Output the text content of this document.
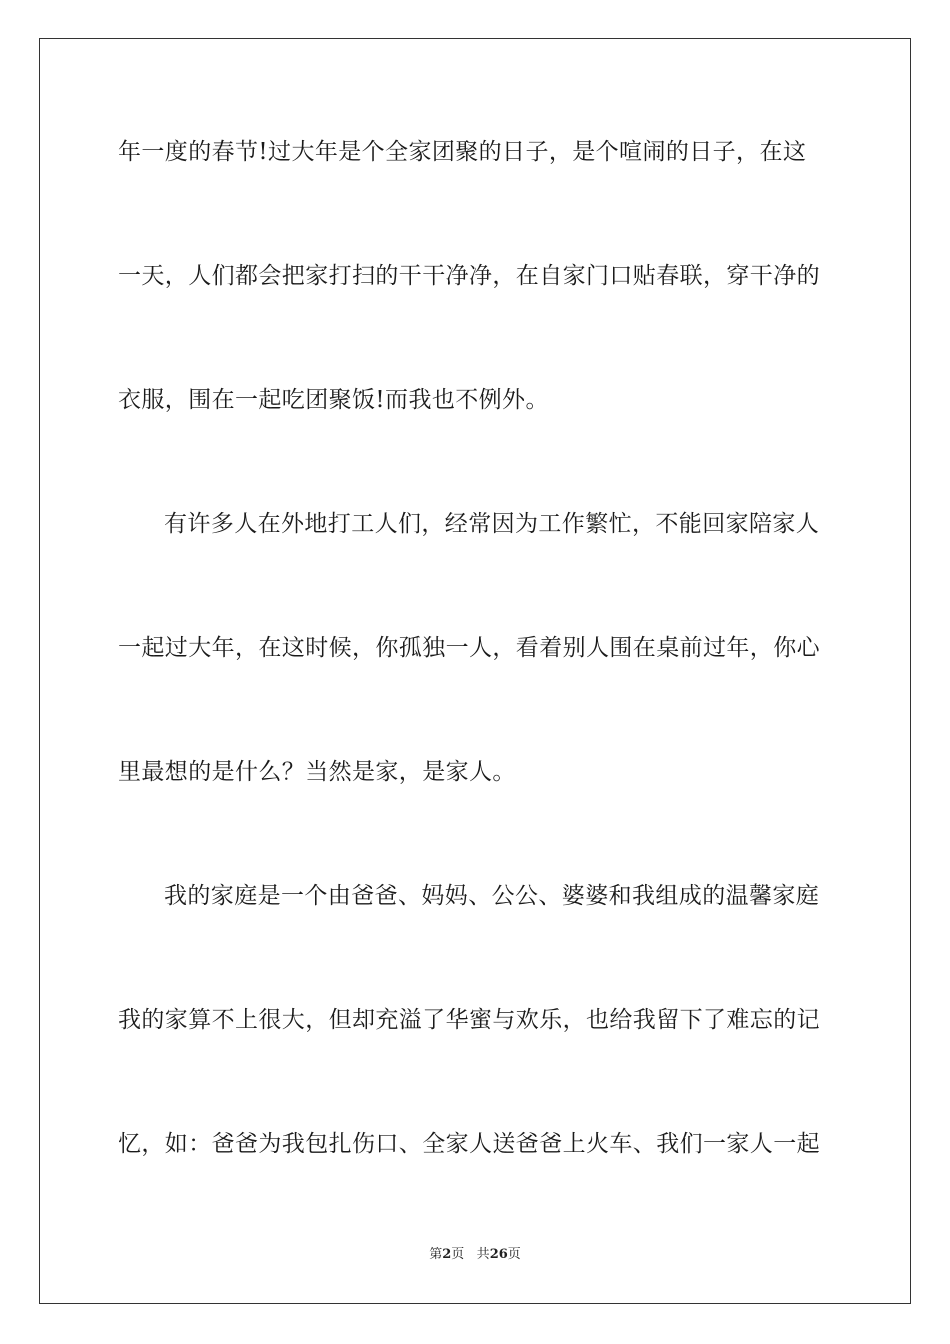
年一度的春节!过大年是个全家团聚的日子，是个喧闹的日子，在这
一天，人们都会把家打扫的干干净净，在自家门口贴春联，穿干净的
衣服，围在一起吃团聚饭!而我也不例外。
有许多人在外地打工人们，经常因为工作繁忙，不能回家陪家人
一起过大年，在这时候，你孤独一人，看着别人围在桌前过年，你心
里最想的是什么？当然是家，是家人。
我的家庭是一个由爸爸、妈妈、公公、婆婆和我组成的温馨家庭
我的家算不上很大，但却充溢了华蜜与欢乐，也给我留下了难忘的记
忆，如：爸爸为我包扎伤口、全家人送爸爸上火车、我们一家人一起
第2页 共26页
